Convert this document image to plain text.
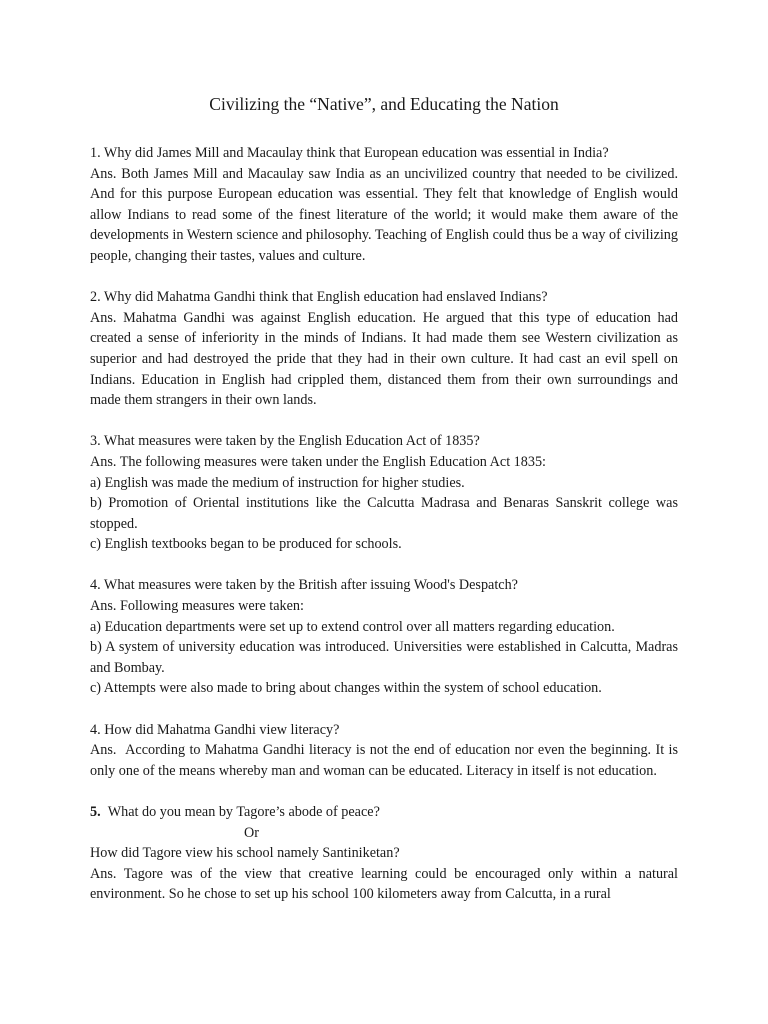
Civilizing the “Native”, and Educating the Nation

1. Why did James Mill and Macaulay think that European education was essential in India?

Ans. Both James Mill and Macaulay saw India as an uncivilized country that needed to be civilized. And for this purpose European education was essential. They felt that knowledge of English would allow Indians to read some of the finest literature of the world; it would make them aware of the developments in Western science and philosophy. Teaching of English could thus be a way of civilizing people, changing their tastes, values and culture.

2. Why did Mahatma Gandhi think that English education had enslaved Indians?

Ans. Mahatma Gandhi was against English education. He argued that this type of education had created a sense of inferiority in the minds of Indians. It had made them see Western civilization as superior and had destroyed the pride that they had in their own culture. It had cast an evil spell on Indians. Education in English had crippled them, distanced them from their own surroundings and made them strangers in their own lands.

3. What measures were taken by the English Education Act of 1835?

Ans. The following measures were taken under the English Education Act 1835:

a) English was made the medium of instruction for higher studies.

b) Promotion of Oriental institutions like the Calcutta Madrasa and Benaras Sanskrit college was stopped.

c) English textbooks began to be produced for schools.

4. What measures were taken by the British after issuing Wood's Despatch?

Ans. Following measures were taken:

a) Education departments were set up to extend control over all matters regarding education.

b) A system of university education was introduced. Universities were established in Calcutta, Madras and Bombay.

c) Attempts were also made to bring about changes within the system of school education.

4. How did Mahatma Gandhi view literacy?

Ans.  According to Mahatma Gandhi literacy is not the end of education nor even the beginning. It is only one of the means whereby man and woman can be educated. Literacy in itself is not education.

5.  What do you mean by Tagore’s abode of peace?

Or

How did Tagore view his school namely Santiniketan?

Ans. Tagore was of the view that creative learning could be encouraged only within a natural environment. So he chose to set up his school 100 kilometers away from Calcutta, in a rural
